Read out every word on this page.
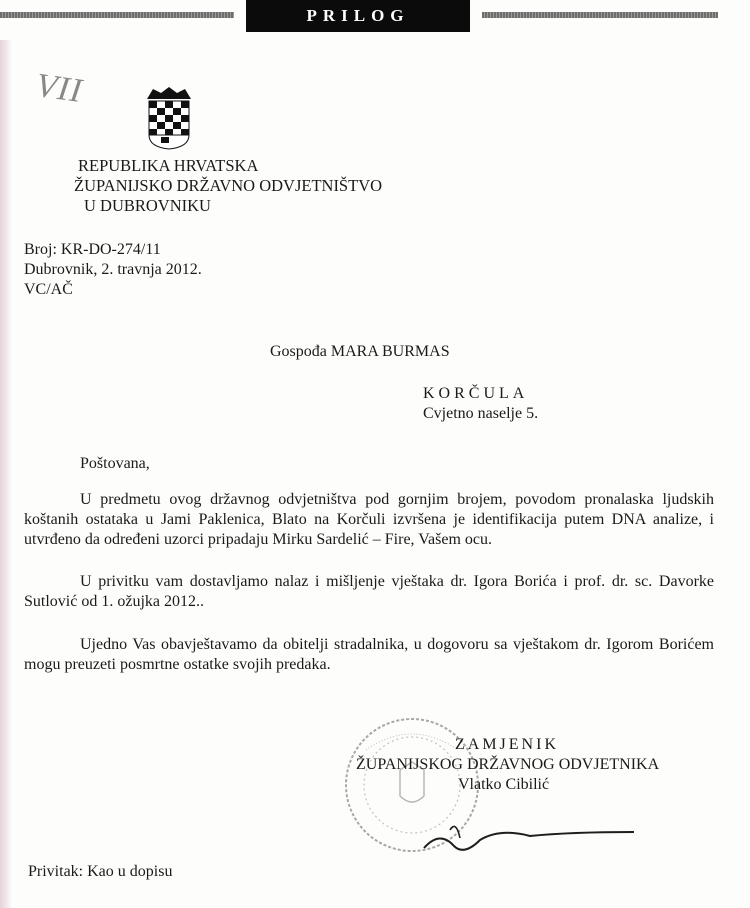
PRILOG
VII
REPUBLIKA HRVATSKA
ŽUPANIJSKO DRŽAVNO ODVJETNIŠTVO
U DUBROVNIKU
Broj: KR-DO-274/11
Dubrovnik, 2. travnja 2012.
VC/AČ
Gospođa MARA BURMAS
KORČULA
Cvjetno naselje 5.
Poštovana,
U predmetu ovog državnog odvjetništva pod gornjim brojem, povodom pronalaska ljudskih koštanih ostataka u Jami Paklenica, Blato na Korčuli izvršena je identifikacija putem DNA analize, i utvrđeno da određeni uzorci pripadaju Mirku Sardelić – Fire, Vašem ocu.
U privitku vam dostavljamo nalaz i mišljenje vještaka dr. Igora Borića i prof. dr. sc. Davorke Sutlović od 1. ožujka 2012..
Ujedno Vas obavještavamo da obitelji stradalnika, u dogovoru sa vještakom dr. Igorom Borićem mogu preuzeti posmrtne ostatke svojih predaka.
ZAMJENIK
ŽUPANIJSKOG DRŽAVNOG ODVJETNIKA
Vlatko Cibilić
Privitak: Kao u dopisu
